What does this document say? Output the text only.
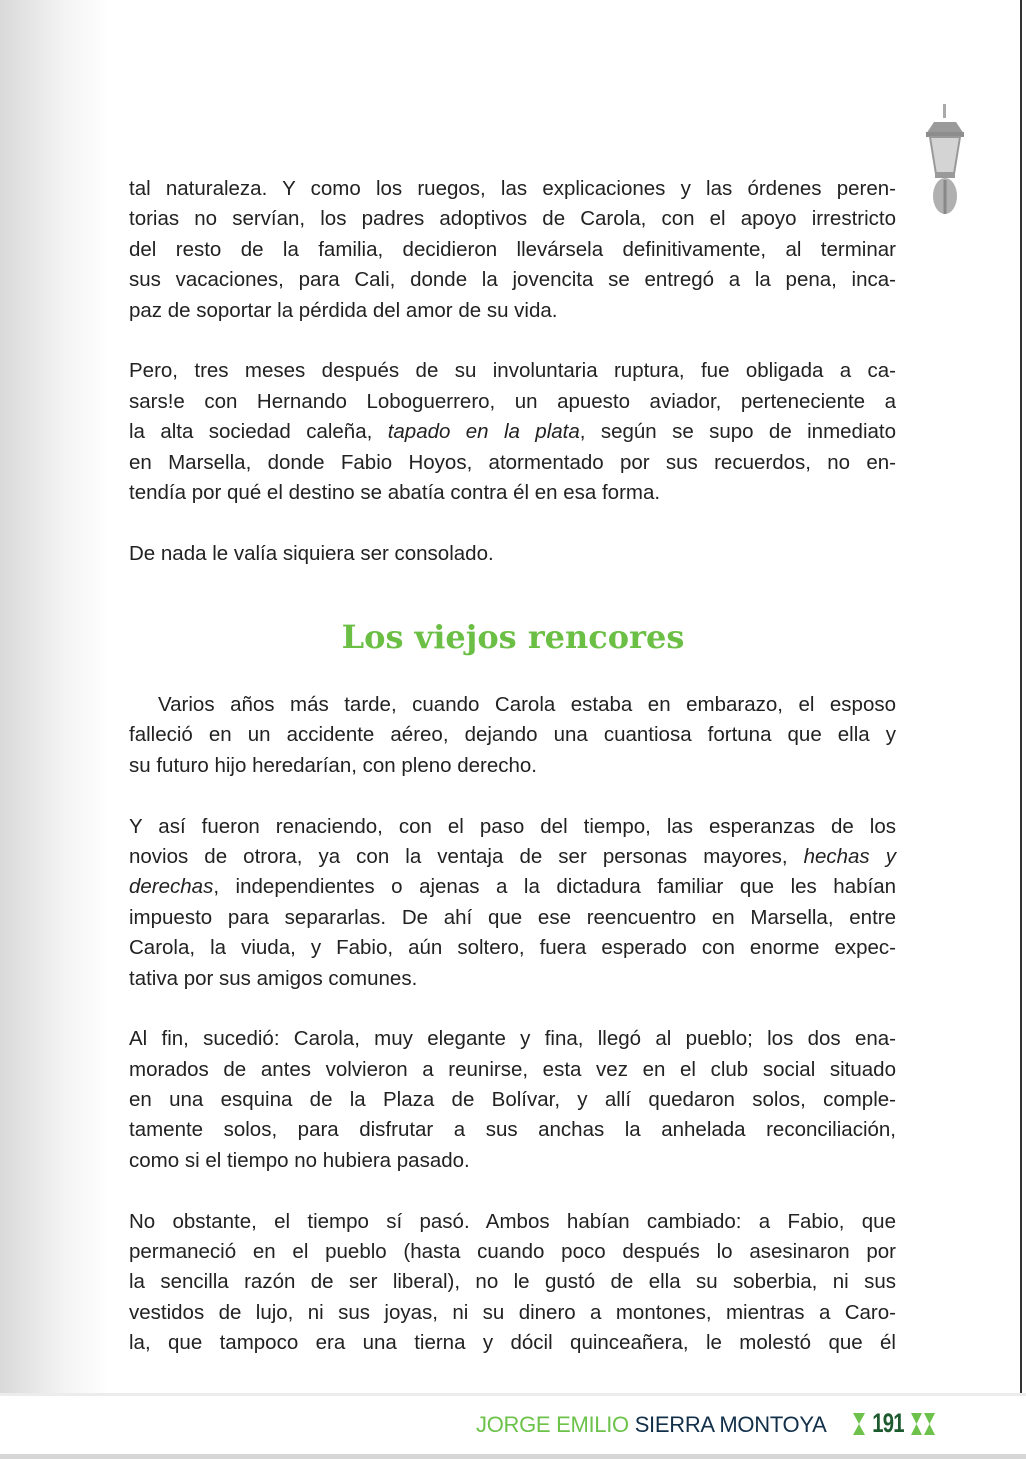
tal naturaleza. Y como los ruegos, las explicaciones y las órdenes peren-
torias no servían, los padres adoptivos de Carola, con el apoyo irrestricto
del resto de la familia, decidieron llevársela definitivamente, al terminar
sus vacaciones, para Cali, donde la jovencita se entregó a la pena, inca-
paz de soportar la pérdida del amor de su vida.
Pero, tres meses después de su involuntaria ruptura, fue obligada a ca-
sars!e con Hernando Loboguerrero, un apuesto aviador, perteneciente a
la alta sociedad caleña, tapado en la plata, según se supo de inmediato
en Marsella, donde Fabio Hoyos, atormentado por sus recuerdos, no en-
tendía por qué el destino se abatía contra él en esa forma.
De nada le valía siquiera ser consolado.
Los viejos rencores
Varios años más tarde, cuando Carola estaba en embarazo, el esposo
falleció en un accidente aéreo, dejando una cuantiosa fortuna que ella y
su futuro hijo heredarían, con pleno derecho.
Y así fueron renaciendo, con el paso del tiempo, las esperanzas de los
novios de otrora, ya con la ventaja de ser personas mayores, hechas y
derechas, independientes o ajenas a la dictadura familiar que les habían
impuesto para separarlas. De ahí que ese reencuentro en Marsella, entre
Carola, la viuda, y Fabio, aún soltero, fuera esperado con enorme expec-
tativa por sus amigos comunes.
Al fin, sucedió: Carola, muy elegante y fina, llegó al pueblo; los dos ena-
morados de antes volvieron a reunirse, esta vez en el club social situado
en una esquina de la Plaza de Bolívar, y allí quedaron solos, comple-
tamente solos, para disfrutar a sus anchas la anhelada reconciliación,
como si el tiempo no hubiera pasado.
No obstante, el tiempo sí pasó. Ambos habían cambiado: a Fabio, que
permaneció en el pueblo (hasta cuando poco después lo asesinaron por
la sencilla razón de ser liberal), no le gustó de ella su soberbia, ni sus
vestidos de lujo, ni sus joyas, ni su dinero a montones, mientras a Caro-
la, que tampoco era una tierna y dócil quinceañera, le molestó que él
JORGE EMILIO SIERRA MONTOYA 191
